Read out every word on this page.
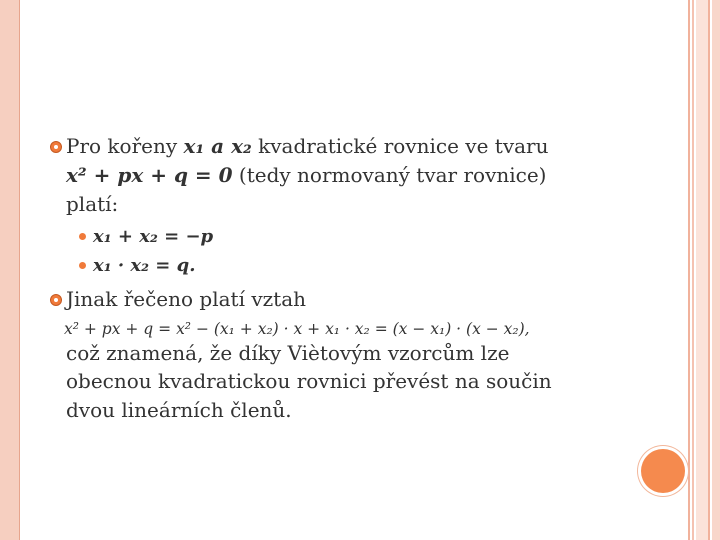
Pro kořeny x₁ a x₂ kvadratické rovnice ve tvaru
x² + px + q = 0 (tedy normovaný tvar rovnice)
platí:
x₁ + x₂ = −p
x₁ · x₂ = q.
Jinak řečeno platí vztah
x² + px + q = x² − (x₁ + x₂) · x + x₁ · x₂ = (x − x₁) · (x − x₂),
což znamená, že díky Viètovým vzorcům lze
obecnou kvadratickou rovnici převést na součin
dvou lineárních členů.
